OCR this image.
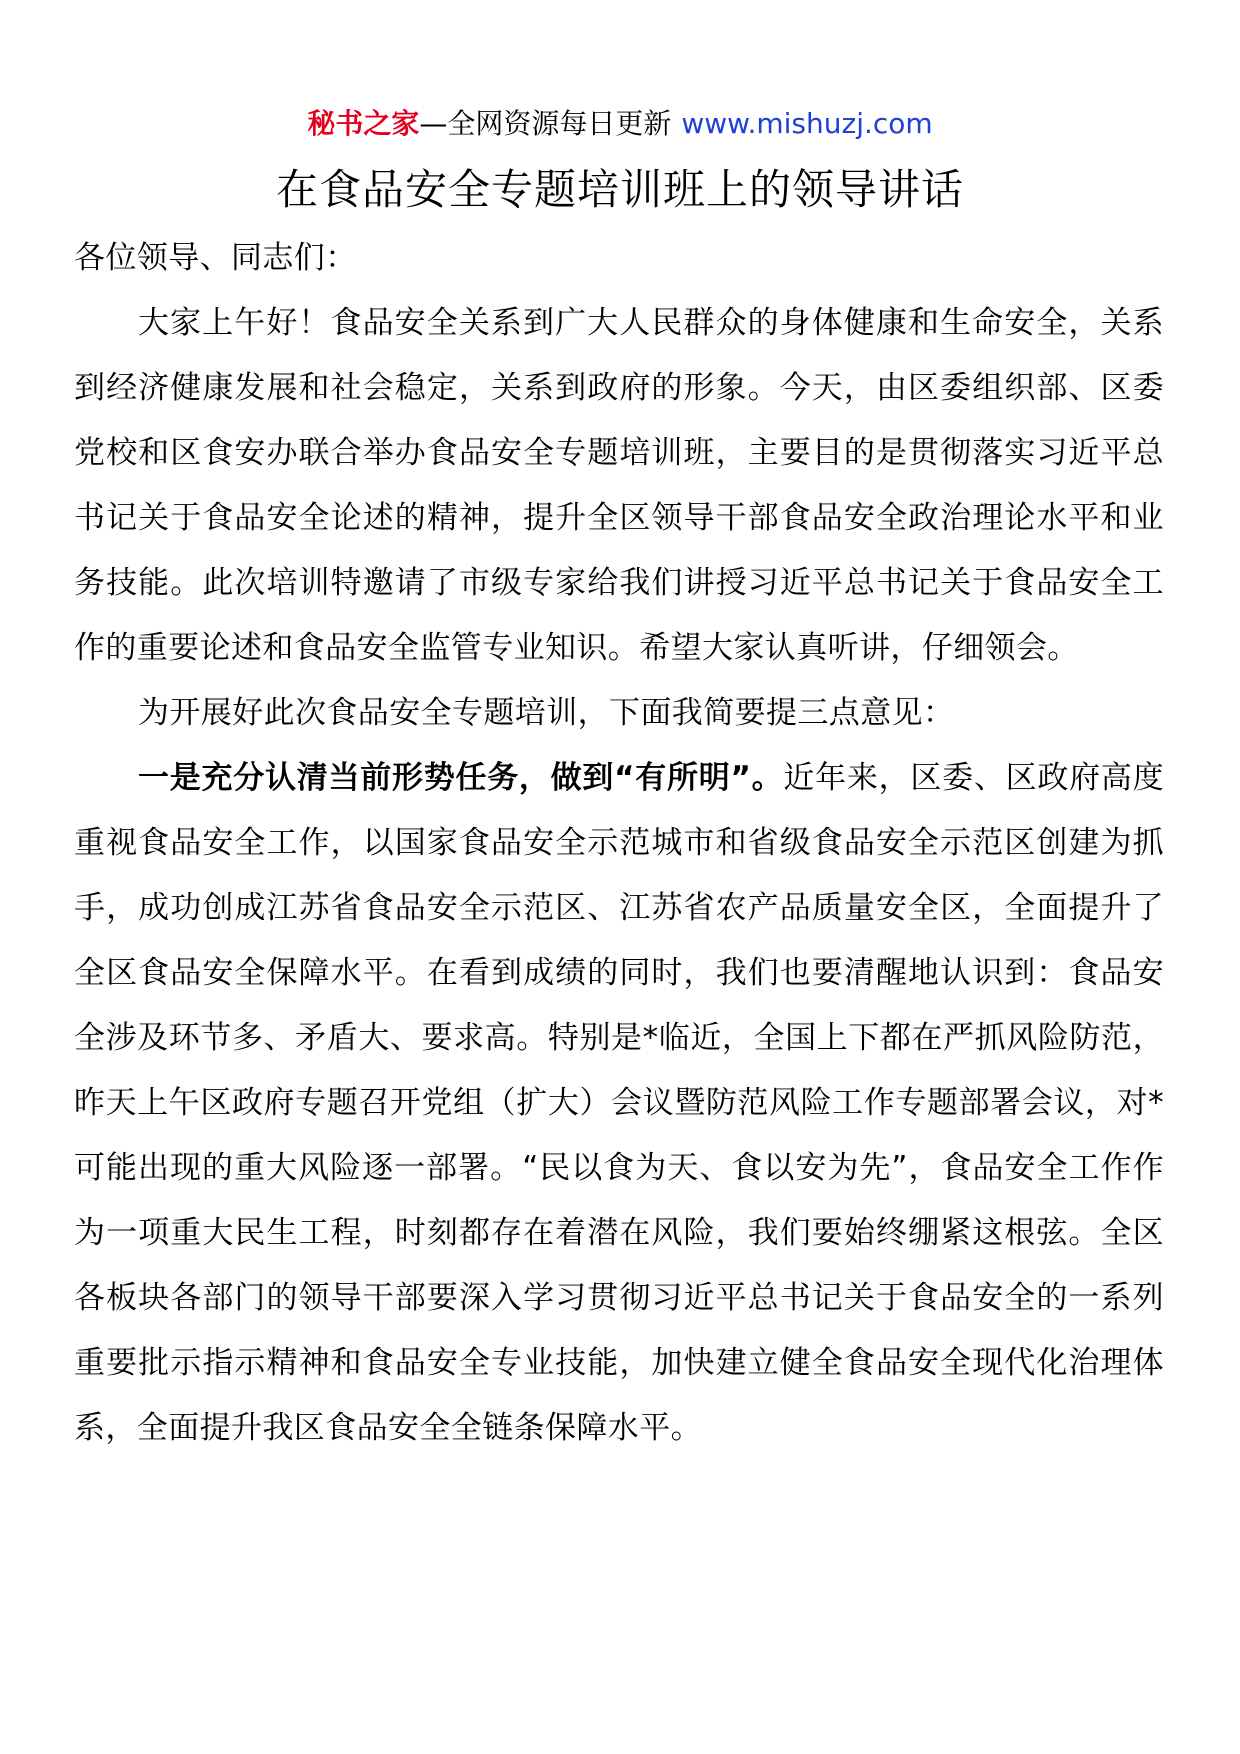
秘书之家—全网资源每日更新 www.mishuzj.com
在食品安全专题培训班上的领导讲话

各位领导、同志们：

大家上午好！食品安全关系到广大人民群众的身体健康和生命安全，关系到经济健康发展和社会稳定，关系到政府的形象。今天，由区委组织部、区委党校和区食安办联合举办食品安全专题培训班，主要目的是贯彻落实习近平总书记关于食品安全论述的精神，提升全区领导干部食品安全政治理论水平和业务技能。此次培训特邀请了市级专家给我们讲授习近平总书记关于食品安全工作的重要论述和食品安全监管专业知识。希望大家认真听讲，仔细领会。

为开展好此次食品安全专题培训，下面我简要提三点意见：

一是充分认清当前形势任务，做到“有所明”。近年来，区委、区政府高度重视食品安全工作，以国家食品安全示范城市和省级食品安全示范区创建为抓手，成功创成江苏省食品安全示范区、江苏省农产品质量安全区，全面提升了全区食品安全保障水平。在看到成绩的同时，我们也要清醒地认识到：食品安全涉及环节多、矛盾大、要求高。特别是*临近，全国上下都在严抓风险防范，昨天上午区政府专题召开党组（扩大）会议暨防范风险工作专题部署会议，对*可能出现的重大风险逐一部署。“民以食为天、食以安为先”，食品安全工作作为一项重大民生工程，时刻都存在着潜在风险，我们要始终绷紧这根弦。全区各板块各部门的领导干部要深入学习贯彻习近平总书记关于食品安全的一系列重要批示指示精神和食品安全专业技能，加快建立健全食品安全现代化治理体系，全面提升我区食品安全全链条保障水平。
